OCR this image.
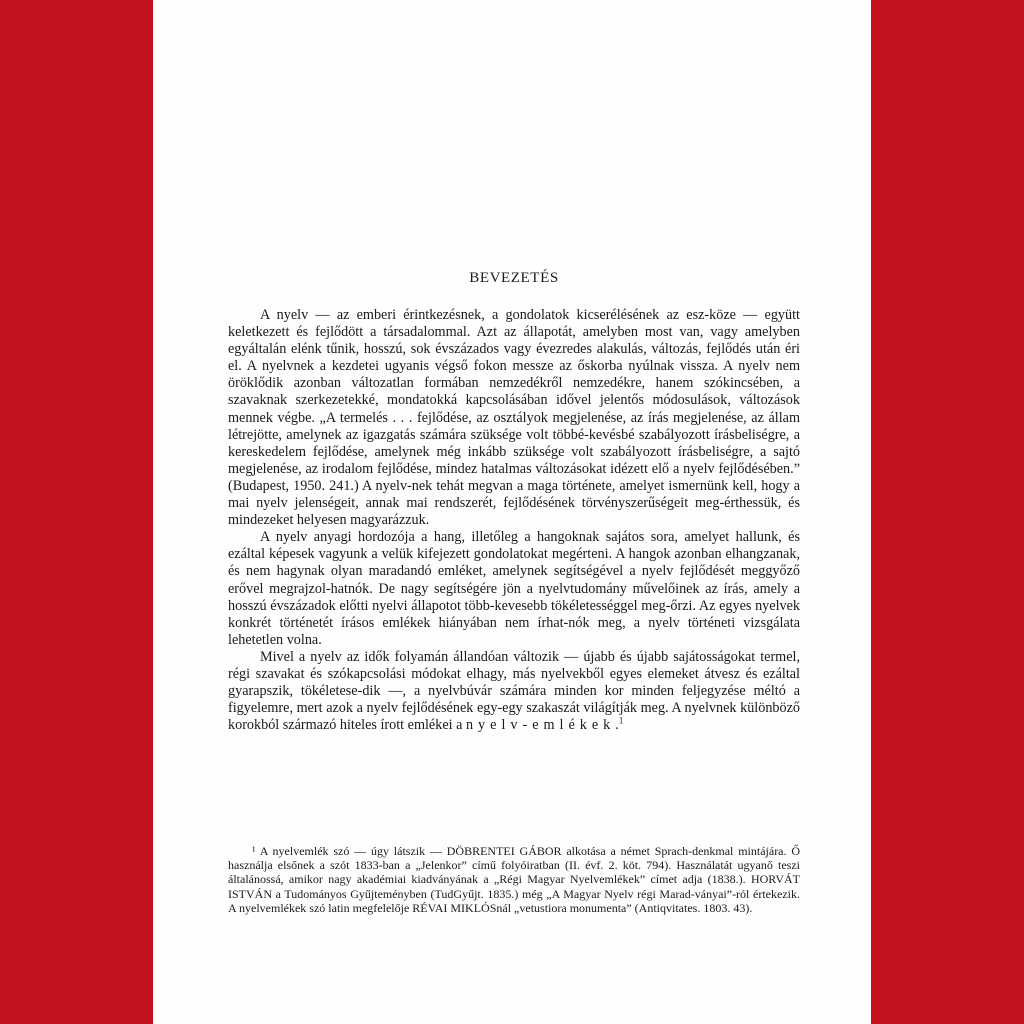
BEVEZETÉS

A nyelv — az emberi érintkezésnek, a gondolatok kicserélésének az esz-köze — együtt keletkezett és fejlődött a társadalommal. Azt az állapotát, amelyben most van, vagy amelyben egyáltalán elénk tűnik, hosszú, sok évszázados vagy évezredes alakulás, változás, fejlődés után éri el. A nyelvnek a kezdetei ugyanis végső fokon messze az őskorba nyúlnak vissza. A nyelv nem öröklődik azonban változatlan formában nemzedékről nemzedékre, hanem szókincsében, a szavaknak szerkezetekké, mondatokká kapcsolásában idővel jelentős módosulások, változások mennek végbe. „A termelés . . . fejlődése, az osztályok megjelenése, az írás megjelenése, az állam létrejötte, amelynek az igazgatás számára szüksége volt többé-kevésbé szabályozott írásbeliségre, a kereskedelem fejlődése, amelynek még inkább szüksége volt szabályozott írásbeliségre, a sajtó megjelenése, az irodalom fejlődése, mindez hatalmas változásokat idézett elő a nyelv fejlődésében.” (Budapest, 1950. 241.) A nyelv-nek tehát megvan a maga története, amelyet ismernünk kell, hogy a mai nyelv jelenségeit, annak mai rendszerét, fejlődésének törvényszerűségeit meg-érthessük, és mindezeket helyesen magyarázzuk.

A nyelv anyagi hordozója a hang, illetőleg a hangoknak sajátos sora, amelyet hallunk, és ezáltal képesek vagyunk a velük kifejezett gondolatokat megérteni. A hangok azonban elhangzanak, és nem hagynak olyan maradandó emléket, amelynek segítségével a nyelv fejlődését meggyőző erővel megrajzol-hatnók. De nagy segítségére jön a nyelvtudomány művelőinek az írás, amely a hosszú évszázadok előtti nyelvi állapotot több-kevesebb tökéletességgel meg-őrzi. Az egyes nyelvek konkrét történetét írásos emlékek hiányában nem írhat-nók meg, a nyelv történeti vizsgálata lehetetlen volna.

Mivel a nyelv az idők folyamán állandóan változik — újabb és újabb sajátosságokat termel, régi szavakat és szókapcsolási módokat elhagy, más nyelvekből egyes elemeket átvesz és ezáltal gyarapszik, tökéletese-dik —, a nyelvbúvár számára minden kor minden feljegyzése méltó a figyelemre, mert azok a nyelv fejlődésének egy-egy szakaszát világítják meg. A nyelvnek különböző korokból származó hiteles írott emlékei a nyelv-emlékek.$^1$

¹ A nyelvemlék szó — úgy látszik — DÖBRENTEI GÁBOR alkotása a német Sprach-denkmal mintájára. Ő használja elsőnek a szót 1833-ban a „Jelenkor” című folyóiratban (II. évf. 2. köt. 794). Használatát ugyanő teszi általánossá, amikor nagy akadémiai kiadványának a „Régi Magyar Nyelvemlékek” címet adja (1838.). HORVÁT ISTVÁN a Tudományos Gyűjteményben (TudGyűjt. 1835.) még „A Magyar Nyelv régi Marad-ványai”-ról értekezik. A nyelvemlékek szó latin megfelelője RÉVAI MIKLÓSnál „vetustiora monumenta” (Antiqvitates. 1803. 43).
